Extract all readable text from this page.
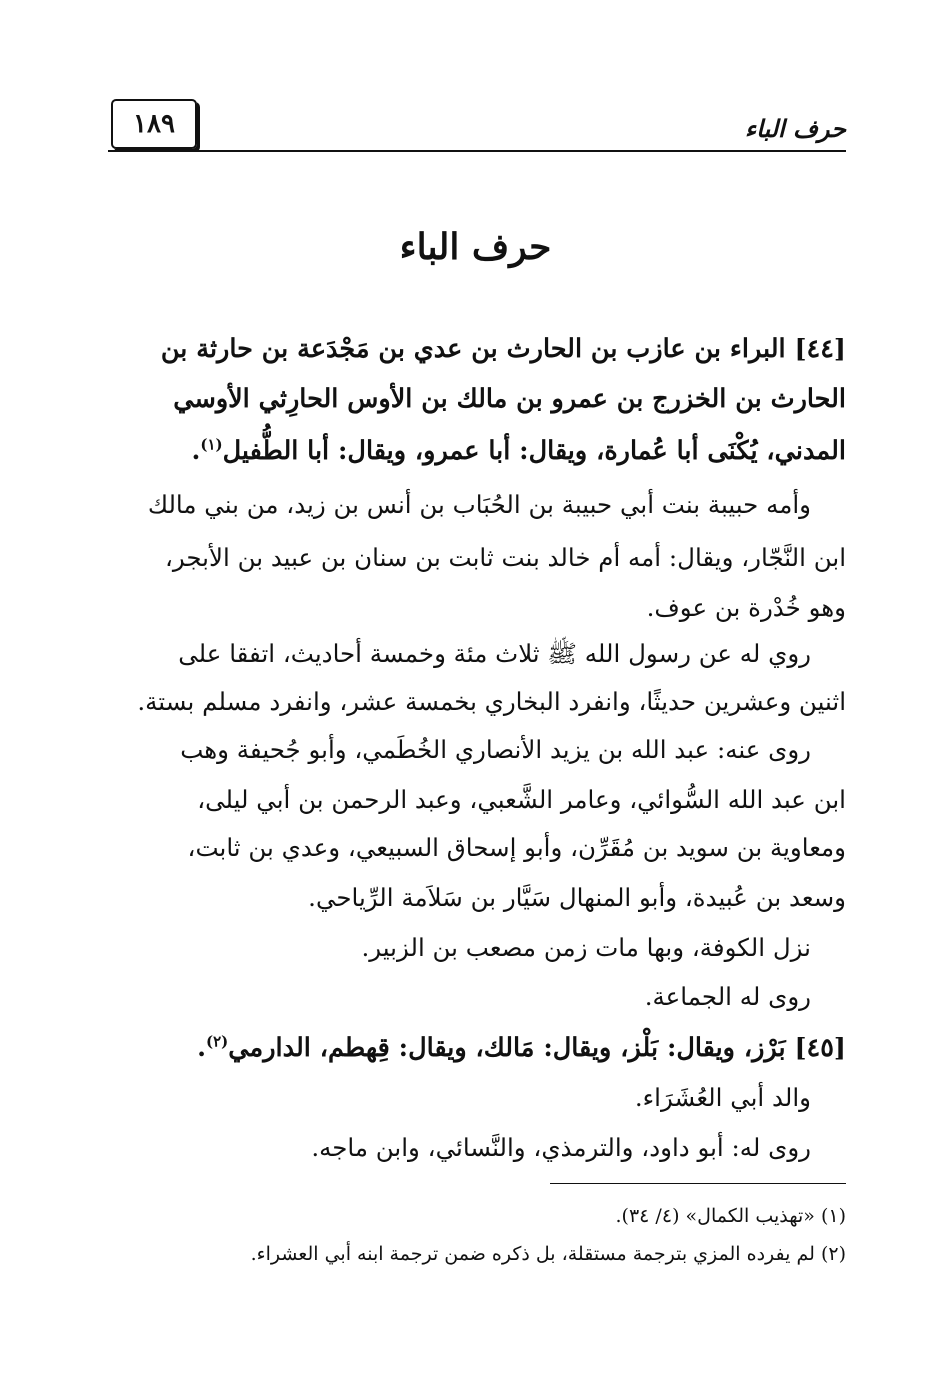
١٨٩	حرف الباء
حرف الباء
[٤٤] البراء بن عازب بن الحارث بن عدي بن مَجْدَعة بن حارثة بن
الحارث بن الخزرج بن عمرو بن مالك بن الأوس الحارِثي الأوسي
المدني، يُكْنَى أبا عُمارة، ويقال: أبا عمرو، ويقال: أبا الطُّفيل$^{(١)}$.
وأمه حبيبة بنت أبي حبيبة بن الحُبَاب بن أنس بن زيد، من بني مالك
ابن النَّجّار، ويقال: أمه أم خالد بنت ثابت بن سنان بن عبيد بن الأبجر،
وهو خُدْرة بن عوف.
روي له عن رسول الله ﷺ ثلاث مئة وخمسة أحاديث، اتفقا على
اثنين وعشرين حديثًا، وانفرد البخاري بخمسة عشر، وانفرد مسلم بستة.
روى عنه: عبد الله بن يزيد الأنصاري الخُطَمي، وأبو جُحيفة وهب
ابن عبد الله السُّوائي، وعامر الشَّعبي، وعبد الرحمن بن أبي ليلى،
ومعاوية بن سويد بن مُقَرِّن، وأبو إسحاق السبيعي، وعدي بن ثابت،
وسعد بن عُبيدة، وأبو المنهال سَيَّار بن سَلاَمة الرِّياحي.
نزل الكوفة، وبها مات زمن مصعب بن الزبير.
روى له الجماعة.
[٤٥] بَرْز، ويقال: بَلْز، ويقال: مَالك، ويقال: قِهطم، الدارمي$^{(٢)}$.
والد أبي العُشَرَاء.
روى له: أبو داود، والترمذي، والنَّسائي، وابن ماجه.
(١) «تهذيب الكمال» (٤/ ٣٤).
(٢) لم يفرده المزي بترجمة مستقلة، بل ذكره ضمن ترجمة ابنه أبي العشراء.
